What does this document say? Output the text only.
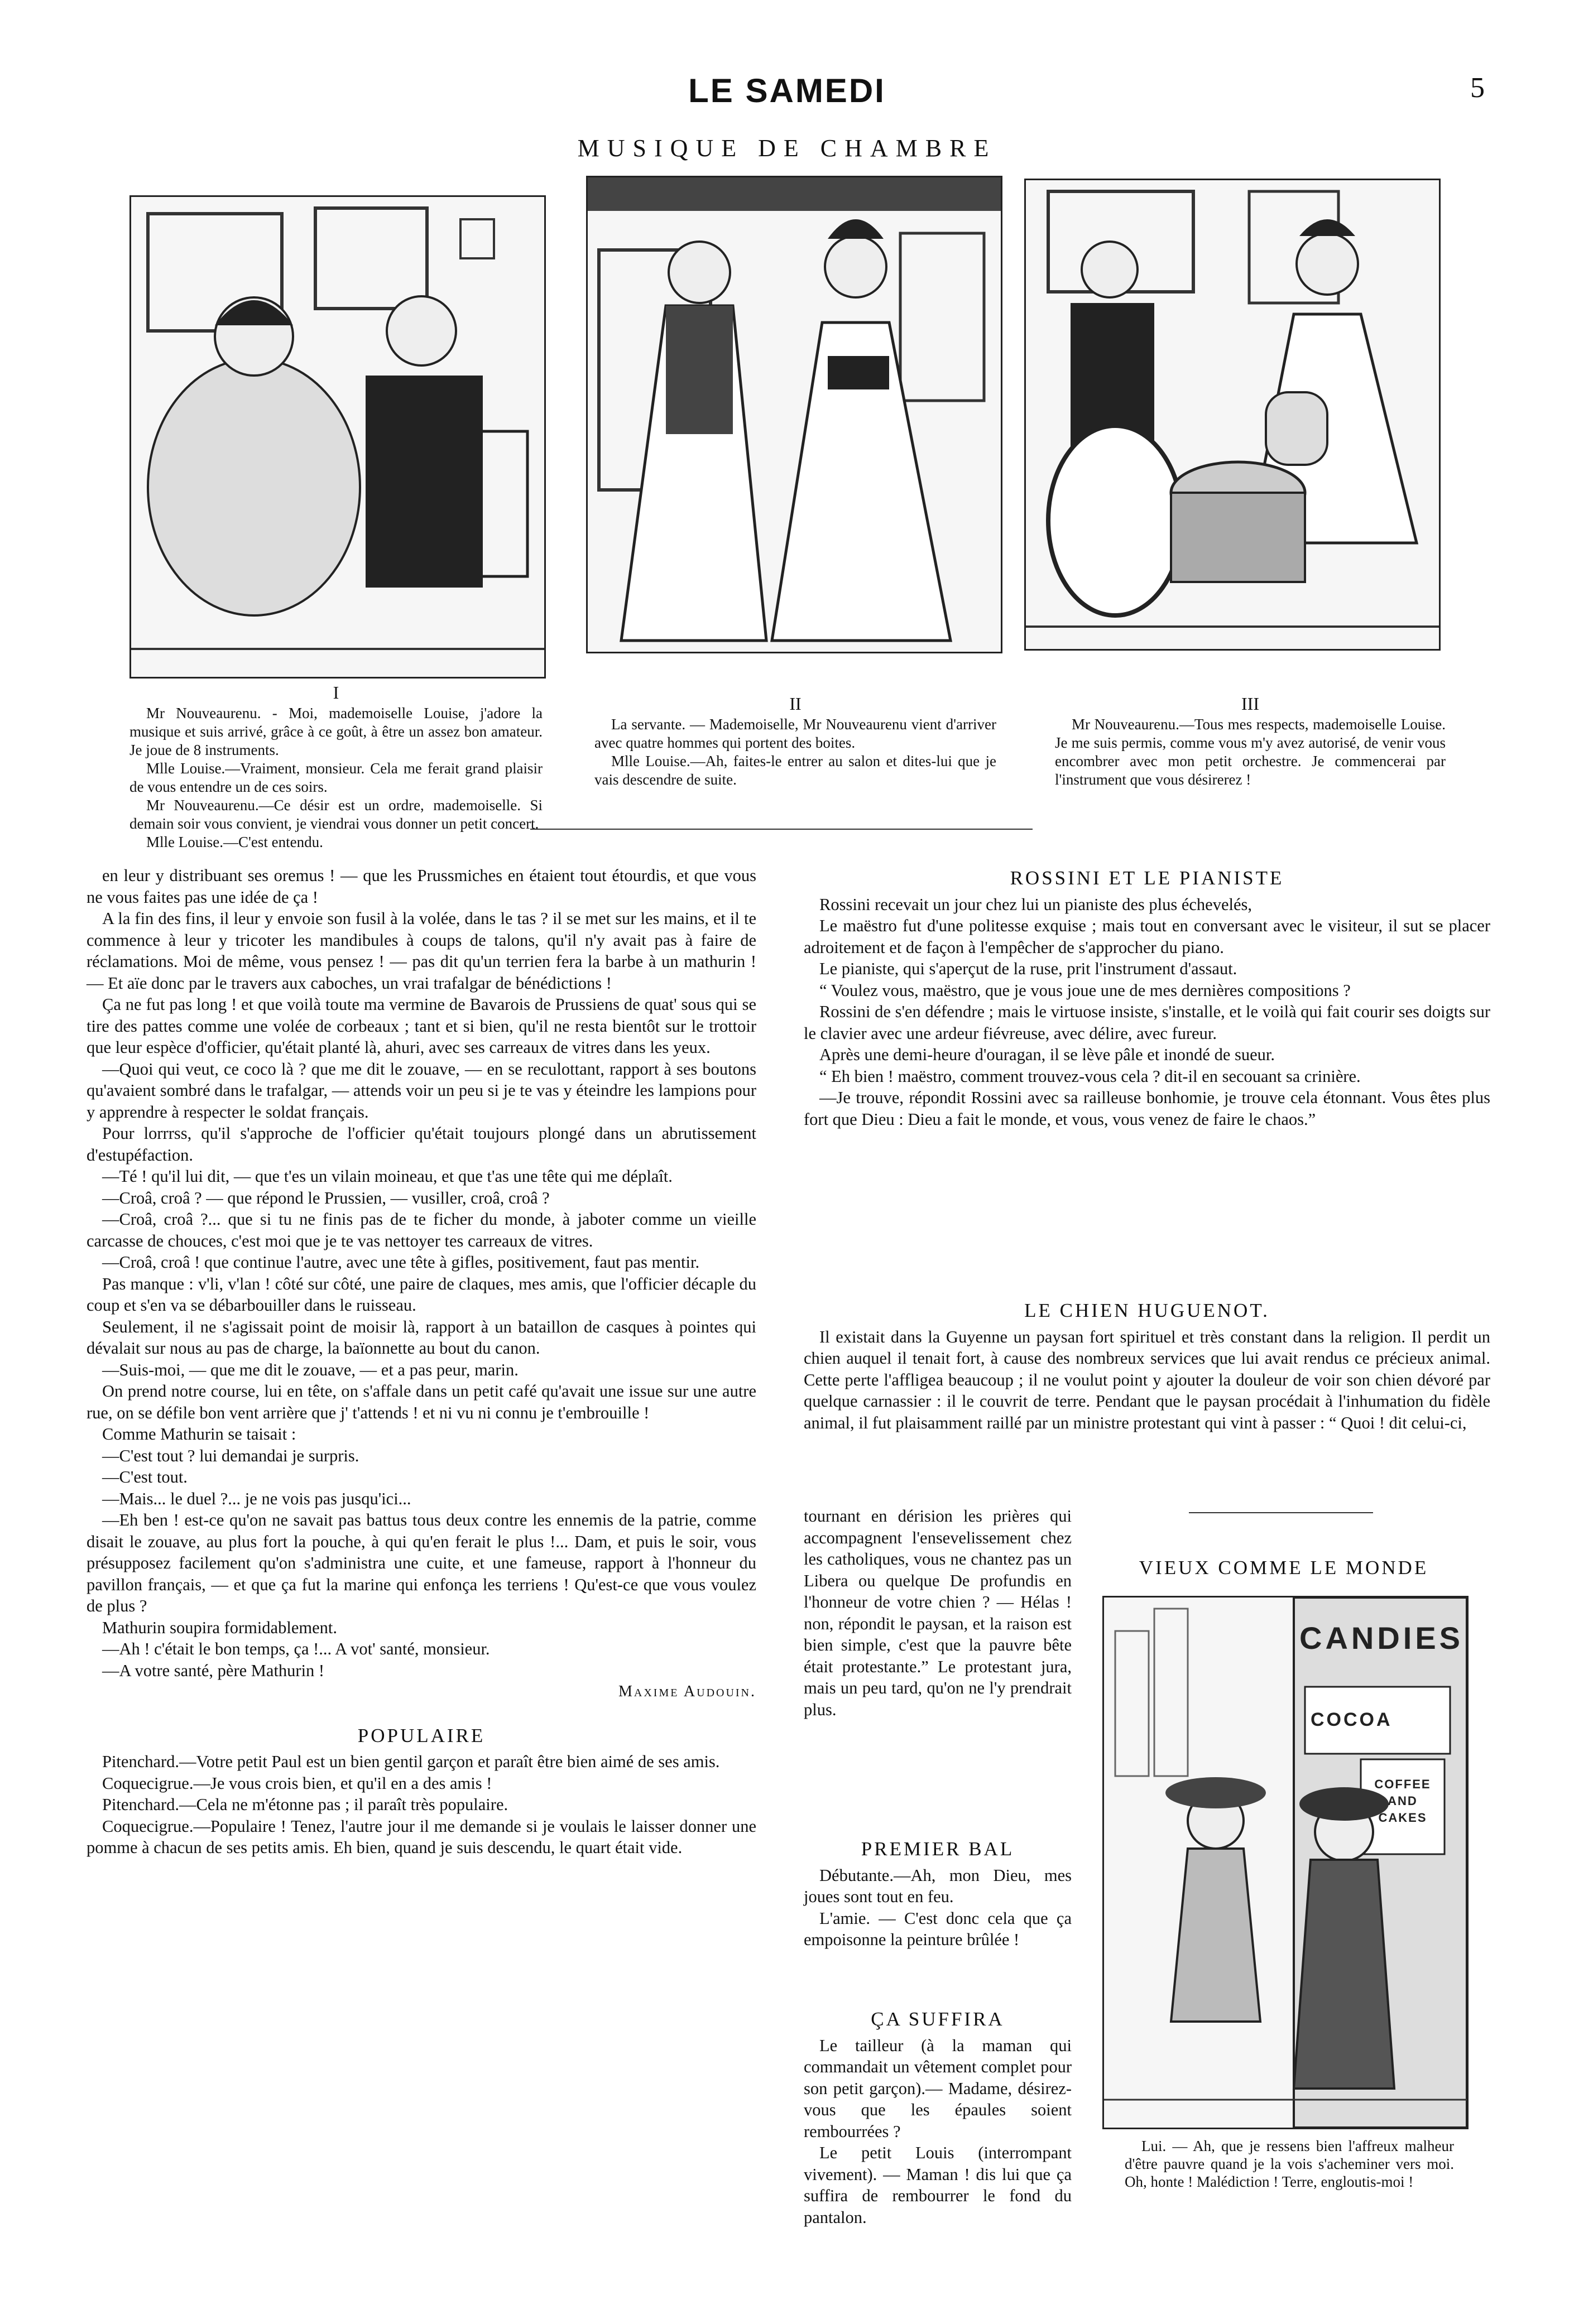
LE SAMEDI	5
MUSIQUE DE CHAMBRE
I

Mr Nouveaurenu. - Moi, mademoiselle Louise, j'adore la musique et suis arrivé, grâce à ce goût, à être un assez bon amateur. Je joue de 8 instruments.

Mlle Louise.—Vraiment, monsieur. Cela me ferait grand plaisir de vous entendre un de ces soirs.

Mr Nouveaurenu.—Ce désir est un ordre, mademoiselle. Si demain soir vous convient, je viendrai vous donner un petit concert.

Mlle Louise.—C'est entendu.

II

La servante. — Mademoiselle, Mr Nouveaurenu vient d'arriver avec quatre hommes qui portent des boites.

Mlle Louise.—Ah, faites-le entrer au salon et dites-lui que je vais descendre de suite.

III

Mr Nouveaurenu.—Tous mes respects, mademoiselle Louise. Je me suis permis, comme vous m'y avez autorisé, de venir vous encombrer avec mon petit orchestre. Je commencerai par l'instrument que vous désirerez !

en leur y distribuant ses oremus ! — que les Prussmiches en étaient tout étourdis, et que vous ne vous faites pas une idée de ça !

A la fin des fins, il leur y envoie son fusil à la volée, dans le tas ? il se met sur les mains, et il te commence à leur y tricoter les mandibules à coups de talons, qu'il n'y avait pas à faire de réclamations. Moi de même, vous pensez ! — pas dit qu'un terrien fera la barbe à un mathurin ! — Et aïe donc par le travers aux caboches, un vrai trafalgar de bénédictions !

Ça ne fut pas long ! et que voilà toute ma vermine de Bavarois de Prussiens de quat' sous qui se tire des pattes comme une volée de corbeaux ; tant et si bien, qu'il ne resta bientôt sur le trottoir que leur espèce d'officier, qu'était planté là, ahuri, avec ses carreaux de vitres dans les yeux.

—Quoi qui veut, ce coco là ? que me dit le zouave, — en se reculottant, rapport à ses boutons qu'avaient sombré dans le trafalgar, — attends voir un peu si je te vas y éteindre les lampions pour y apprendre à respecter le soldat français.

Pour lorrrss, qu'il s'approche de l'officier qu'était toujours plongé dans un abrutissement d'estupéfaction.

—Té ! qu'il lui dit, — que t'es un vilain moineau, et que t'as une tête qui me déplaît.

—Croâ, croâ ? — que répond le Prussien, — vusiller, croâ, croâ ?

—Croâ, croâ ?... que si tu ne finis pas de te ficher du monde, à jaboter comme un vieille carcasse de chouces, c'est moi que je te vas nettoyer tes carreaux de vitres.

—Croâ, croâ ! que continue l'autre, avec une tête à gifles, positivement, faut pas mentir.

Pas manque : v'li, v'lan ! côté sur côté, une paire de claques, mes amis, que l'officier décaple du coup et s'en va se débarbouiller dans le ruisseau.

Seulement, il ne s'agissait point de moisir là, rapport à un bataillon de casques à pointes qui dévalait sur nous au pas de charge, la baïonnette au bout du canon.

—Suis-moi, — que me dit le zouave, — et a pas peur, marin.

On prend notre course, lui en tête, on s'affale dans un petit café qu'avait une issue sur une autre rue, on se défile bon vent arrière que j' t'attends ! et ni vu ni connu je t'embrouille !

Comme Mathurin se taisait :

—C'est tout ? lui demandai je surpris.

—C'est tout.

—Mais... le duel ?... je ne vois pas jusqu'ici...

—Eh ben ! est-ce qu'on ne savait pas battus tous deux contre les ennemis de la patrie, comme disait le zouave, au plus fort la pouche, à qui qu'en ferait le plus !... Dam, et puis le soir, vous présupposez facilement qu'on s'administra une cuite, et une fameuse, rapport à l'honneur du pavillon français, — et que ça fut la marine qui enfonça les terriens ! Qu'est-ce que vous voulez de plus ?

Mathurin soupira formidablement.

—Ah ! c'était le bon temps, ça !... A vot' santé, monsieur.

—A votre santé, père Mathurin !

Maxime Audouin.
POPULAIRE

Pitenchard.—Votre petit Paul est un bien gentil garçon et paraît être bien aimé de ses amis.

Coquecigrue.—Je vous crois bien, et qu'il en a des amis !

Pitenchard.—Cela ne m'étonne pas ; il paraît très populaire.

Coquecigrue.—Populaire ! Tenez, l'autre jour il me demande si je voulais le laisser donner une pomme à chacun de ses petits amis. Eh bien, quand je suis descendu, le quart était vide.

ROSSINI ET LE PIANISTE

Rossini recevait un jour chez lui un pianiste des plus échevelés,

Le maëstro fut d'une politesse exquise ; mais tout en conversant avec le visiteur, il sut se placer adroitement et de façon à l'empêcher de s'approcher du piano.

Le pianiste, qui s'aperçut de la ruse, prit l'instrument d'assaut.

“ Voulez vous, maëstro, que je vous joue une de mes dernières compositions ?

Rossini de s'en défendre ; mais le virtuose insiste, s'installe, et le voilà qui fait courir ses doigts sur le clavier avec une ardeur fiévreuse, avec délire, avec fureur.

Après une demi-heure d'ouragan, il se lève pâle et inondé de sueur.

“ Eh bien ! maëstro, comment trouvez-vous cela ? dit-il en secouant sa crinière.

—Je trouve, répondit Rossini avec sa railleuse bonhomie, je trouve cela étonnant. Vous êtes plus fort que Dieu : Dieu a fait le monde, et vous, vous venez de faire le chaos.”

LE CHIEN HUGUENOT.

Il existait dans la Guyenne un paysan fort spirituel et très constant dans la religion. Il perdit un chien auquel il tenait fort, à cause des nombreux services que lui avait rendus ce précieux animal. Cette perte l'affligea beaucoup ; il ne voulut point y ajouter la douleur de voir son chien dévoré par quelque carnassier : il le couvrit de terre. Pendant que le paysan procédait à l'inhumation du fidèle animal, il fut plaisamment raillé par un ministre protestant qui vint à passer : “ Quoi ! dit celui-ci,

tournant en dérision les prières qui accompagnent l'ensevelissement chez les catholiques, vous ne chantez pas un Libera ou quelque De profundis en l'honneur de votre chien ? — Hélas ! non, répondit le paysan, et la raison est bien simple, c'est que la pauvre bête était protestante.” Le protestant jura, mais un peu tard, qu'on ne l'y prendrait plus.

PREMIER BAL

Débutante.—Ah, mon Dieu, mes joues sont tout en feu.

L'amie. — C'est donc cela que ça empoisonne la peinture brûlée !

ÇA SUFFIRA

Le tailleur (à la maman qui commandait un vêtement complet pour son petit garçon).— Madame, désirez-vous que les épaules soient rembourrées ?

Le petit Louis (interrompant vivement). — Maman ! dis lui que ça suffira de rembourrer le fond du pantalon.

VIEUX COMME LE MONDE
CANDIES
COCOA
COFFEE AND CAKES

Lui. — Ah, que je ressens bien l'affreux malheur d'être pauvre quand je la vois s'acheminer vers moi. Oh, honte ! Malédiction ! Terre, engloutis-moi !
